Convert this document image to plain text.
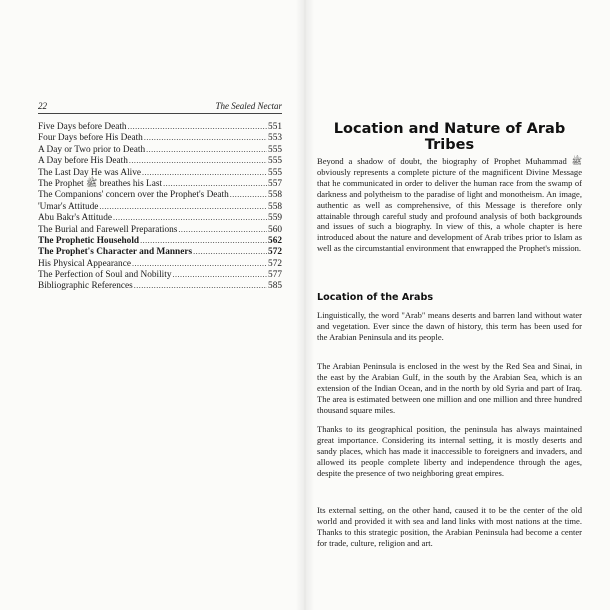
22	The Sealed Nectar
Five Days before Death .....	551
Four Days before His Death .....	553
A Day or Two prior to Death .....	555
A Day before His Death .....	555
The Last Day He was Alive .....	555
The Prophet ﷺ breathes his Last .....	557
The Companions' concern over the Prophet's Death .....	558
'Umar's Attitude .....	558
Abu Bakr's Attitude .....	559
The Burial and Farewell Preparations .....	560
The Prophetic Household .....	562
The Prophet's Character and Manners .....	572
His Physical Appearance .....	572
The Perfection of Soul and Nobility .....	577
Bibliographic References .....	585
Location and Nature of Arab Tribes

Beyond a shadow of doubt, the biography of Prophet Muhammad ﷺ obviously represents a complete picture of the magnificent Divine Message that he communicated in order to deliver the human race from the swamp of darkness and polytheism to the paradise of light and monotheism. An image, authentic as well as comprehensive, of this Message is therefore only attainable through careful study and profound analysis of both backgrounds and issues of such a biography. In view of this, a whole chapter is here introduced about the nature and development of Arab tribes prior to Islam as well as the circumstantial environment that enwrapped the Prophet's mission.

Location of the Arabs

Linguistically, the word "Arab" means deserts and barren land without water and vegetation. Ever since the dawn of history, this term has been used for the Arabian Peninsula and its people.

The Arabian Peninsula is enclosed in the west by the Red Sea and Sinai, in the east by the Arabian Gulf, in the south by the Arabian Sea, which is an extension of the Indian Ocean, and in the north by old Syria and part of Iraq. The area is estimated between one million and one million and three hundred thousand square miles.

Thanks to its geographical position, the peninsula has always maintained great importance. Considering its internal setting, it is mostly deserts and sandy places, which has made it inaccessible to foreigners and invaders, and allowed its people complete liberty and independence through the ages, despite the presence of two neighboring great empires.

Its external setting, on the other hand, caused it to be the center of the old world and provided it with sea and land links with most nations at the time. Thanks to this strategic position, the Arabian Peninsula had become a center for trade, culture, religion and art.
